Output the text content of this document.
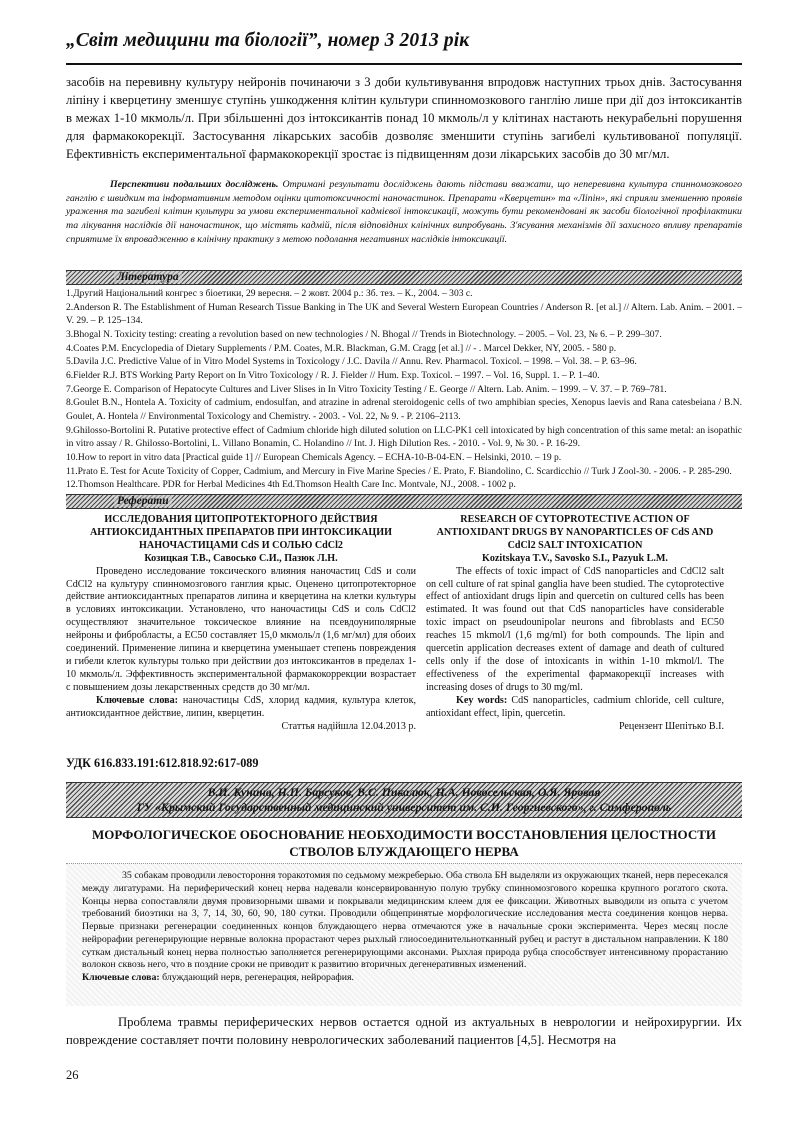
„Світ медицини та біології”, номер 3 2013 рік

засобів на перевивну культуру нейронів починаючи з 3 доби культивування впродовж наступних трьох днів. Застосування ліпіну і кверцетину зменшує ступінь ушкодження клітин культури спинномозкового ганглію лише при дії доз інтоксикантів в межах 1-10 мкмоль/л. При збільшенні доз інтоксикантів понад 10 мкмоль/л у клітинах настають некурабельні порушення для фармакокорекції. Застосування лікарських засобів дозволяє зменшити ступінь загибелі культивованої популяції. Ефективність експериментальної фармакокорекції зростає із підвищенням дози лікарських засобів до 30 мг/мл.

Перспективи подальших досліджень. Отримані результати досліджень дають підстави вважати, що неперевивна культура спинномозкового ганглію є швидким та інформативним методом оцінки цитотоксичності наночастинок. Препарати «Кверцетин» та «Ліпін», які сприяли зменшенню проявів ураження та загибелі клітин культури за умови експериментальної кадмієвої інтоксикації, можуть бути рекомендовані як засоби біологічної профілактики та лікування наслідків дії наночастинок, що містять кадмій, після відповідних клінічних випробувань. З'ясування механізмів дії захисного впливу препаратів сприятиме їх впровадженню в клінічну практику з метою подолання негативних наслідків інтоксикації.

Література
1.Другий Національний конгрес з біоетики, 29 вересня. – 2 жовт. 2004 р.: Зб. тез. – К., 2004. – 303 с.
2.Anderson R. The Establishment of Human Research Tissue Banking in The UK and Several Western European Countries / Anderson R. [et al.] // Altern. Lab. Anim. – 2001. – V. 29. – P. 125–134.
3.Bhogal N. Toxicity testing: creating a revolution based on new technologies / N. Bhogal // Trends in Biotechnology. – 2005. – Vol. 23, № 6. – P. 299–307.
4.Coates P.M. Encyclopedia of Dietary Supplements / P.M. Coates, M.R. Blackman, G.M. Cragg [et al.] // - . Marcel Dekker, NY, 2005. - 580 p.
5.Davila J.C. Predictive Value of in Vitro Model Systems in Toxicology / J.C. Davila // Annu. Rev. Pharmacol. Toxicol. – 1998. – Vol. 38. – P. 63–96.
6.Fielder R.J. BTS Working Party Report on In Vitro Toxicology / R. J. Fielder // Hum. Exp. Toxicol. – 1997. – Vol. 16, Suppl. 1. – P. 1–40.
7.George E. Comparison of Hepatocyte Cultures and Liver Slises in In Vitro Toxicity Testing / E. George // Altern. Lab. Anim. – 1999. – V. 37. – P. 769–781.
8.Goulet B.N., Hontela A. Toxicity of cadmium, endosulfan, and atrazine in adrenal steroidogenic cells of two amphibian species, Xenopus laevis and Rana catesbeiana / B.N. Goulet, A. Hontela // Environmental Toxicology and Chemistry. - 2003. - Vol. 22, № 9. - P. 2106–2113.
9.Ghilosso-Bortolini R. Putative protective effect of Cadmium chloride high diluted solution on LLC-PK1 cell intoxicated by high concentration of this same metal: an isopathic in vitro assay / R. Ghilosso-Bortolini, L. Villano Bonamin, C. Holandino // Int. J. High Dilution Res. - 2010. - Vol. 9, № 30. - P. 16-29.
10.How to report in vitro data [Practical guide 1] // European Chemicals Agency. – ECHA-10-B-04-EN. – Helsinki, 2010. – 19 p.
11.Prato E. Test for Acute Toxicity of Copper, Cadmium, and Mercury in Five Marine Species / E. Prato, F. Biandolino, C. Scardicchio // Turk J Zool-30. - 2006. - P. 285-290.
12.Thomson Healthcare. PDR for Herbal Medicines 4th Ed.Thomson Health Care Inc. Montvale, NJ., 2008. - 1002 p.
Реферати

ИССЛЕДОВАНИЯ ЦИТОПРОТЕКТОРНОГО ДЕЙСТВИЯ АНТИОКСИДАНТНЫХ ПРЕПАРАТОВ ПРИ ИНТОКСИКАЦИИ НАНОЧАСТИЦАМИ CdS И СОЛЬЮ CdCl2

Козицкая Т.В., Савосько С.И., Пазюк Л.Н.

Проведено исследование токсического влияния наночастиц CdS и соли CdCl2 на культуру спинномозгового ганглия крыс. Оценено цитопротекторное действие антиоксидантных препаратов липина и кверцетина на клетки культуры в условиях интоксикации. Установлено, что наночастицы CdS и соль CdCl2 осуществляют значительное токсическое влияние на псевдоуниполярные нейроны и фибробласты, а EC50 составляет 15,0 мкмоль/л (1,6 мг/мл) для обоих соединений. Применение липина и кверцетина уменьшает степень повреждения и гибели клеток культуры только при действии доз интоксикантов в пределах 1-10 мкмоль/л. Эффективность экспериментальной фармакокоррекции возрастает с повышением дозы лекарственных средств до 30 мг/мл.

Ключевые слова: наночастицы CdS, хлорид кадмия, культура клеток, антиоксидантное действие, липин, кверцетин.

Статтья надійшла 12.04.2013 р.

RESEARCH OF CYTOPROTECTIVE ACTION OF ANTIOXIDANT DRUGS BY NANOPARTICLES OF CdS AND CdCl2 SALT INTOXICATION

Kozitskaya T.V., Savosko S.I., Pazyuk L.M.

The effects of toxic impact of CdS nanoparticles and CdCl2 salt on cell culture of rat spinal ganglia have been studied. The cytoprotective effect of antioxidant drugs lipin and quercetin on cultured cells has been estimated. It was found out that CdS nanoparticles have considerable toxic impact on pseudounipolar neurons and fibroblasts and EC50 reaches 15 mkmol/l (1,6 mg/ml) for both compounds. The lipin and quercetin application decreases extent of damage and death of cultured cells only if the dose of intoxicants in within 1-10 mkmol/l. The effectiveness of the experimental фармакорекції increases with increasing doses of drugs to 30 mg/ml.

Key words: CdS nanoparticles, cadmium chloride, cell culture, antioxidant effect, lipin, quercetin.

Рецензент Шепітько В.І.

УДК 616.833.191:612.818.92:617-089
В.И. Кунина, Н.П. Барсуков, В.С. Пикалюк, Н.А. Новосельская, О.Я. Яровая
ГУ «Крымский Государственный медицинский университет им. С.И. Георгиевского», г. Симферополь
МОРФОЛОГИЧЕСКОЕ ОБОСНОВАНИЕ НЕОБХОДИМОСТИ ВОССТАНОВЛЕНИЯ ЦЕЛОСТНОСТИ СТВОЛОВ БЛУЖДАЮЩЕГО НЕРВА

35 собакам проводили левостороння торакотомия по седьмому межреберью. Оба ствола БН выделяли из окружающих тканей, нерв пересекался между лигатурами. На периферический конец нерва надевали консервированную полую трубку спинномозгового корешка крупного рогатого скота. Концы нерва сопоставляли двумя провизорными швами и покрывали медицинским клеем для ее фиксации. Животных выводили из опыта с учетом требований биоэтики на 3, 7, 14, 30, 60, 90, 180 сутки. Проводили общепринятые морфологические исследования места соединения концов нерва. Первые признаки регенерации соединенных концов блуждающего нерва отмечаются уже в начальные сроки эксперимента. Через месяц после нейрорафии регенерирующие нервные волокна прорастают через рыхлый глиосоединительнотканный рубец и растут в дистальном направлении. К 180 суткам дистальный конец нерва полностью заполняется регенерирующими аксонами. Рыхлая природа рубца способствует интенсивному прорастанию волокон сквозь него, что в поздние сроки не приводит к развитию вторичных дегенеративных изменений.
Ключевые слова: блуждающий нерв, регенерация, нейрорафия.

Проблема травмы периферических нервов остается одной из актуальных в неврологии и нейрохирургии. Их повреждение составляет почти половину неврологических заболеваний пациентов [4,5]. Несмотря на

26
